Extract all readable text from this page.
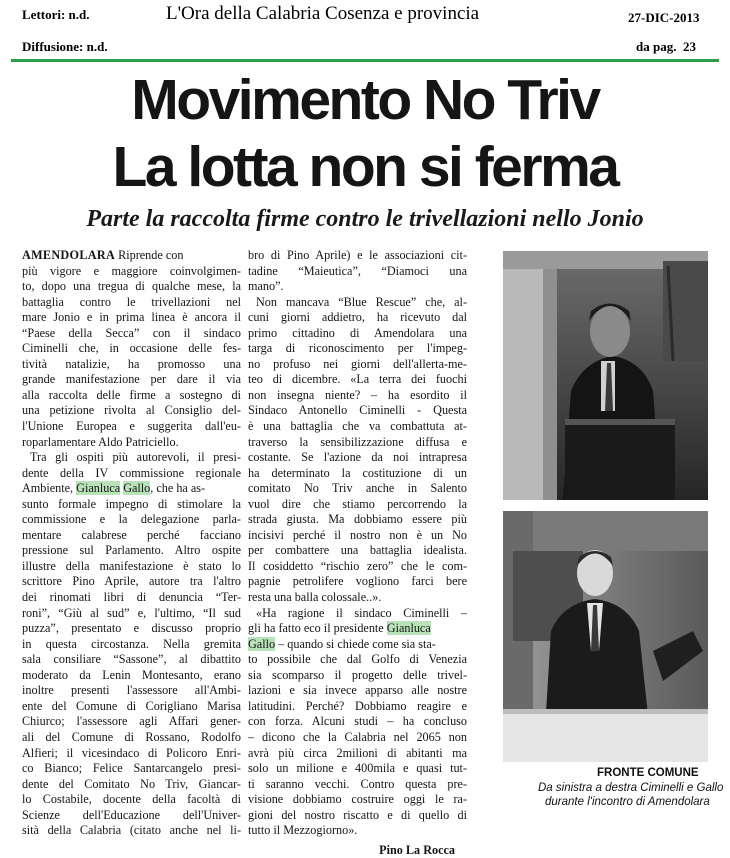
Lettori: n.d.	L'Ora della Calabria Cosenza e provincia	27-DIC-2013
Diffusione: n.d.	da pag.  23
Movimento No Triv
La lotta non si ferma
Parte la raccolta firme contro le trivellazioni nello Jonio
AMENDOLARA Riprende con
più vigore e maggiore coinvolgimen-
to, dopo una tregua di qualche mese, la
battaglia contro le trivellazioni nel
mare Jonio e in prima linea è ancora il
“Paese della Secca” con il sindaco
Ciminelli che, in occasione delle fes-
tività natalizie, ha promosso una
grande manifestazione per dare il via
alla raccolta delle firme a sostegno di
una petizione rivolta al Consiglio del-
l'Unione Europea e suggerita dall'eu-
roparlamentare Aldo Patriciello.
Tra gli ospiti più autorevoli, il presi-
dente della IV commissione regionale
Ambiente, Gianluca Gallo, che ha as-
sunto formale impegno di stimolare la
commissione e la delegazione parla-
mentare calabrese perché facciano
pressione sul Parlamento. Altro ospite
illustre della manifestazione è stato lo
scrittore Pino Aprile, autore tra l'altro
dei rinomati libri di denuncia “Ter-
roni”, “Giù al sud” e, l'ultimo, “Il sud
puzza”, presentato e discusso proprio
in questa circostanza. Nella gremita
sala consiliare “Sassone”, al dibattito
moderato da Lenin Montesanto, erano
inoltre presenti l'assessore all'Ambi-
ente del Comune di Corigliano Marisa
Chiurco; l'assessore agli Affari gener-
ali del Comune di Rossano, Rodolfo
Alfieri; il vicesindaco di Policoro Enri-
co Bianco; Felice Santarcangelo presi-
dente del Comitato No Triv, Giancar-
lo Costabile, docente della facoltà di
Scienze dell'Educazione dell'Univer-
sità della Calabria (citato anche nel li-
bro di Pino Aprile) e le associazioni cit-
tadine “Maieutica”, “Diamoci una
mano”.
Non mancava “Blue Rescue” che, al-
cuni giorni addietro, ha ricevuto dal
primo cittadino di Amendolara una
targa di riconoscimento per l'impeg-
no profuso nei giorni dell'allerta-me-
teo di dicembre. «La terra dei fuochi
non insegna niente? – ha esordito il
Sindaco Antonello Ciminelli - Questa
è una battaglia che va combattuta at-
traverso la sensibilizzazione diffusa e
costante. Se l'azione da noi intrapresa
ha determinato la costituzione di un
comitato No Triv anche in Salento
vuol dire che stiamo percorrendo la
strada giusta. Ma dobbiamo essere più
incisivi perché il nostro non è un No
per combattere una battaglia idealista.
Il cosiddetto “rischio zero” che le com-
pagnie petrolifere vogliono farci bere
resta una balla colossale..».
«Ha ragione il sindaco Ciminelli –
gli ha fatto eco il presidente Gianluca
Gallo – quando si chiede come sia sta-
to possibile che dal Golfo di Venezia
sia scomparso il progetto delle trivel-
lazioni e sia invece apparso alle nostre
latitudini. Perché? Dobbiamo reagire e
con forza. Alcuni studi – ha concluso
– dicono che la Calabria nel 2065 non
avrà più circa 2milioni di abitanti ma
solo un milione e 400mila e quasi tut-
ti saranno vecchi. Contro questa pre-
visione dobbiamo costruire oggi le ra-
gioni del nostro riscatto e di quello di
tutto il Mezzogiorno».
Pino La Rocca
FRONTE COMUNE
Da sinistra a destra Ciminelli e Gallo
durante l'incontro di Amendolara
